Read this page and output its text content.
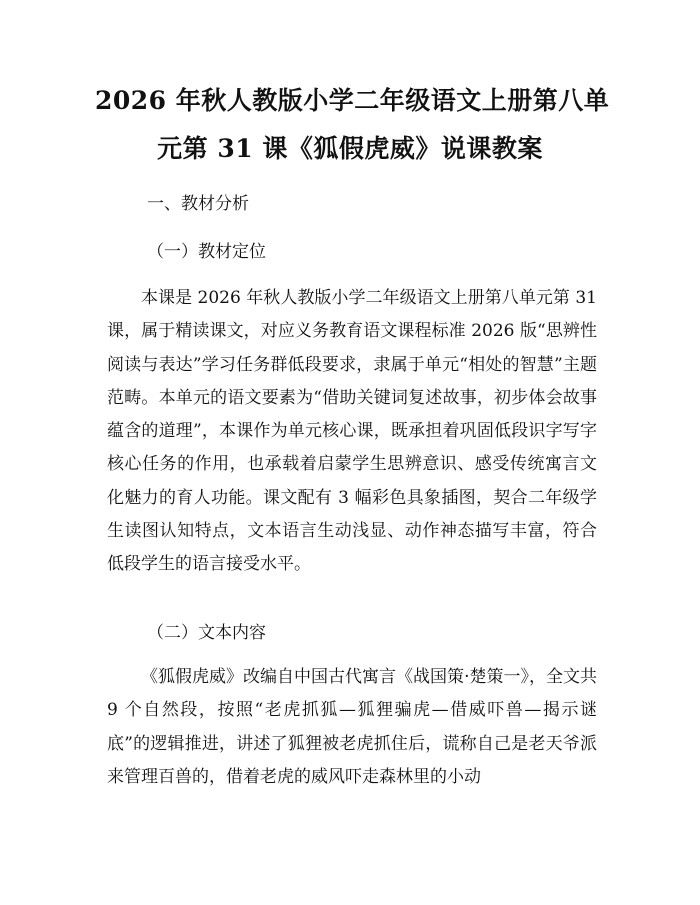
2026 年秋人教版小学二年级语文上册第八单
元第 31 课《狐假虎威》说课教案
一、教材分析
（一）教材定位
本课是 2026 年秋人教版小学二年级语文上册第八单元第 31 课，属于精读课文，对应义务教育语文课程标准 2026 版“思辨性阅读与表达”学习任务群低段要求，隶属于单元“相处的智慧”主题范畴。本单元的语文要素为“借助关键词复述故事，初步体会故事蕴含的道理”，本课作为单元核心课，既承担着巩固低段识字写字核心任务的作用，也承载着启蒙学生思辨意识、感受传统寓言文化魅力的育人功能。课文配有 3 幅彩色具象插图，契合二年级学生读图认知特点，文本语言生动浅显、动作神态描写丰富，符合低段学生的语言接受水平。
（二）文本内容
《狐假虎威》改编自中国古代寓言《战国策·楚策一》，全文共 9 个自然段，按照“老虎抓狐—狐狸骗虎—借威吓兽—揭示谜底”的逻辑推进，讲述了狐狸被老虎抓住后，谎称自己是老天爷派来管理百兽的，借着老虎的威风吓走森林里的小动
